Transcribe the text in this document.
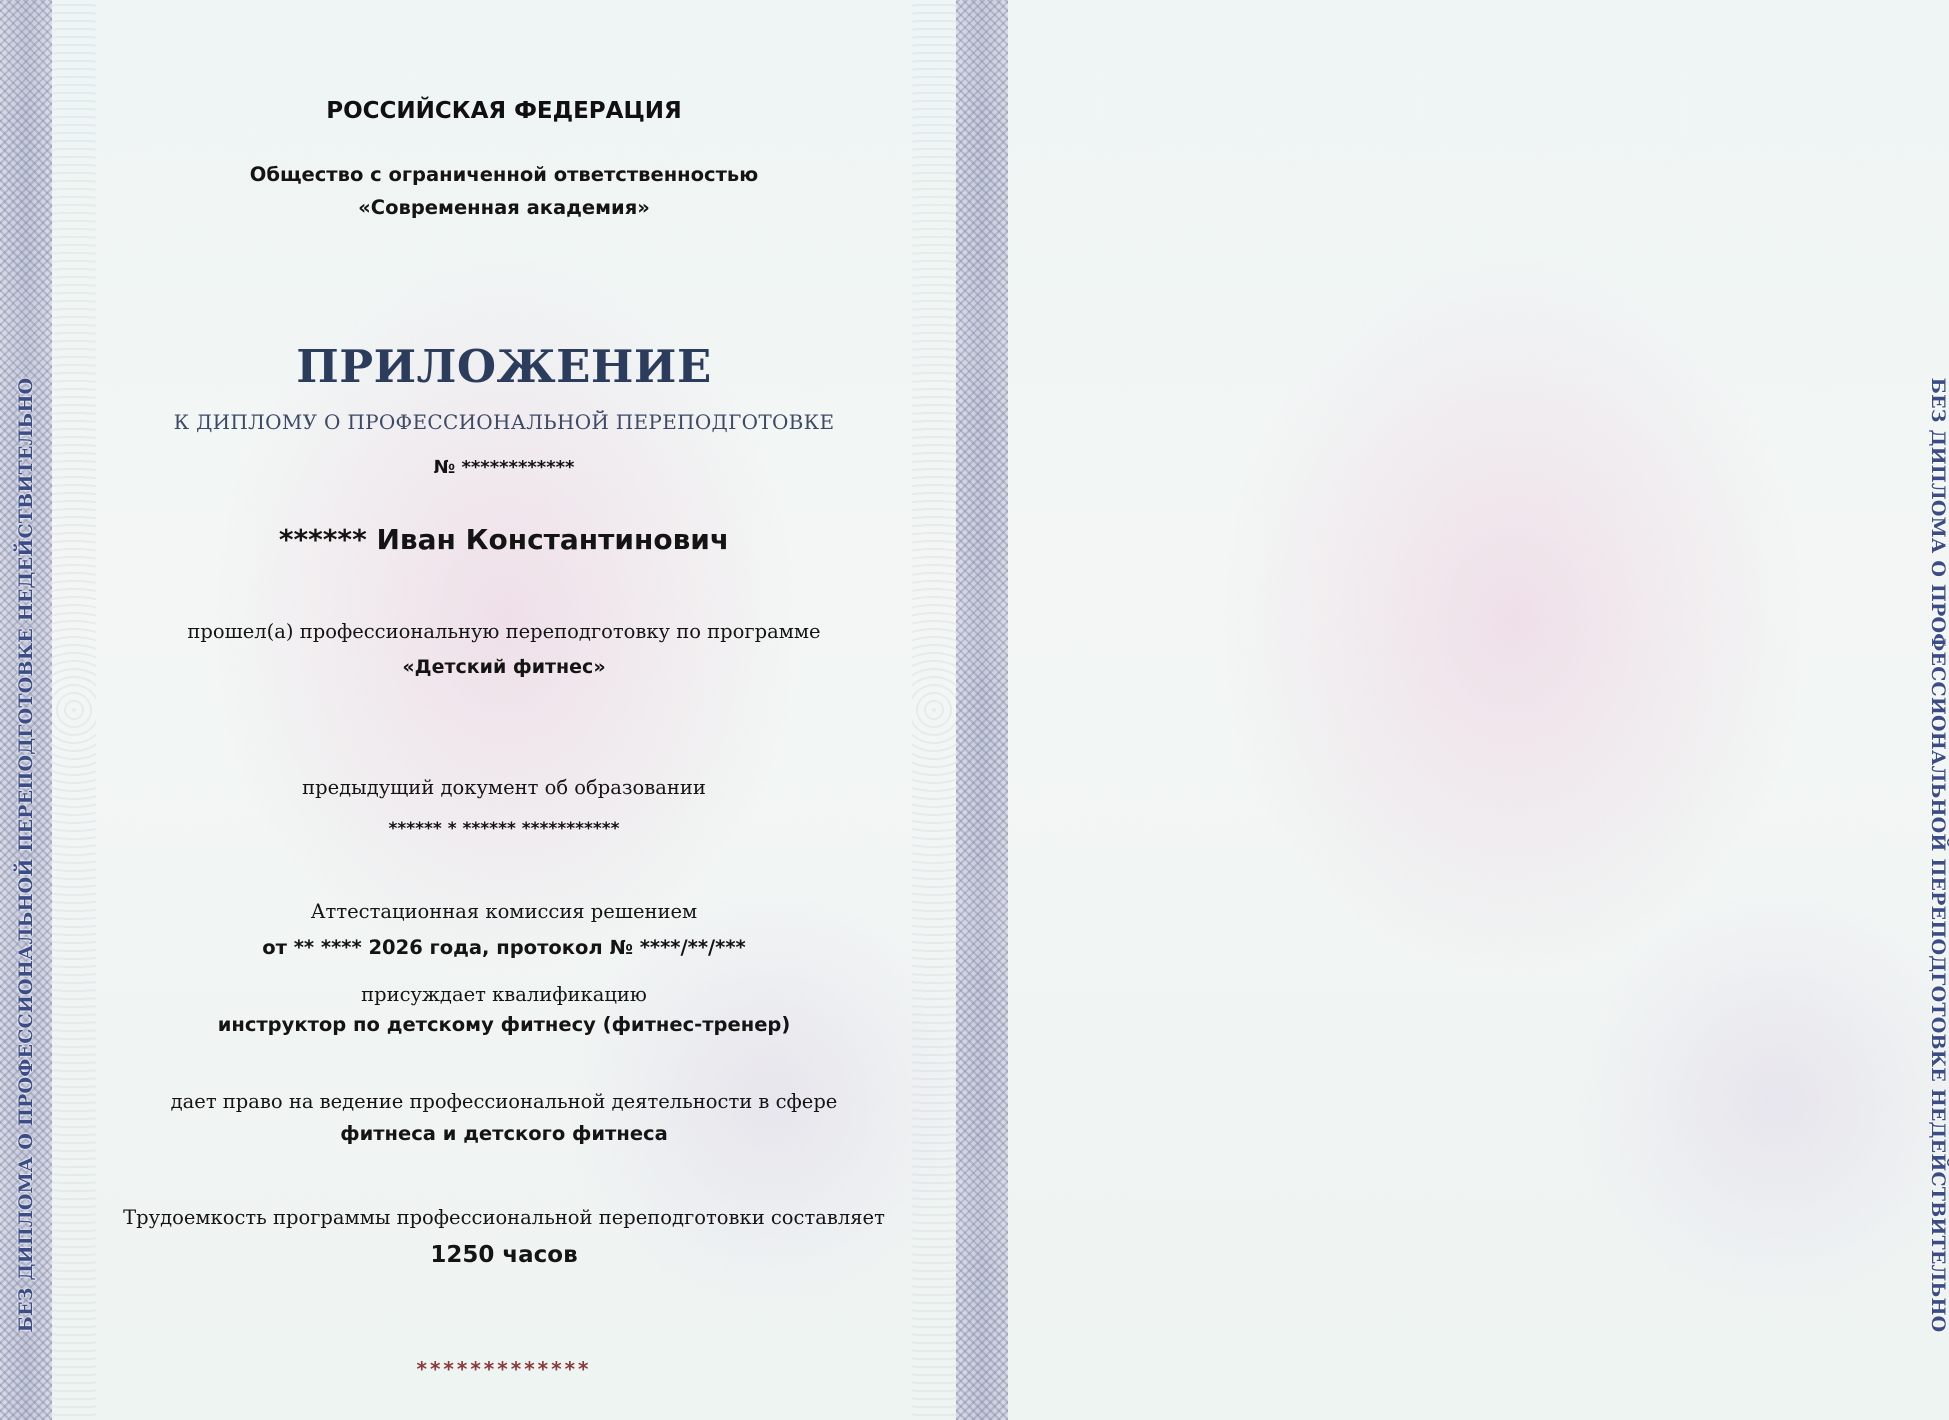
БЕЗ ДИПЛОМА О ПРОФЕССИОНАЛЬНОЙ ПЕРЕПОДГОТОВКЕ НЕДЕЙСТВИТЕЛЬНО	БЕЗ ДИПЛОМА О ПРОФЕССИОНАЛЬНОЙ ПЕРЕПОДГОТОВКЕ НЕДЕЙСТВИТЕЛЬНО
РОССИЙСКАЯ ФЕДЕРАЦИЯ
Общество с ограниченной ответственностью
«Современная академия»
ПРИЛОЖЕНИЕ
К ДИПЛОМУ О ПРОФЕССИОНАЛЬНОЙ ПЕРЕПОДГОТОВКЕ
№ ************
****** Иван Константинович
прошел(а) профессиональную переподготовку по программе
«Детский фитнес»
предыдущий документ об образовании
****** * ****** ***********
Аттестационная комиссия решением
от ** **** 2026 года, протокол № ****/**/***
присуждает квалификацию
инструктор по детскому фитнесу (фитнес-тренер)
дает право на ведение профессиональной деятельности в сфере
фитнеса и детского фитнеса
Трудоемкость программы профессиональной переподготовки составляет
1250 часов
*************
